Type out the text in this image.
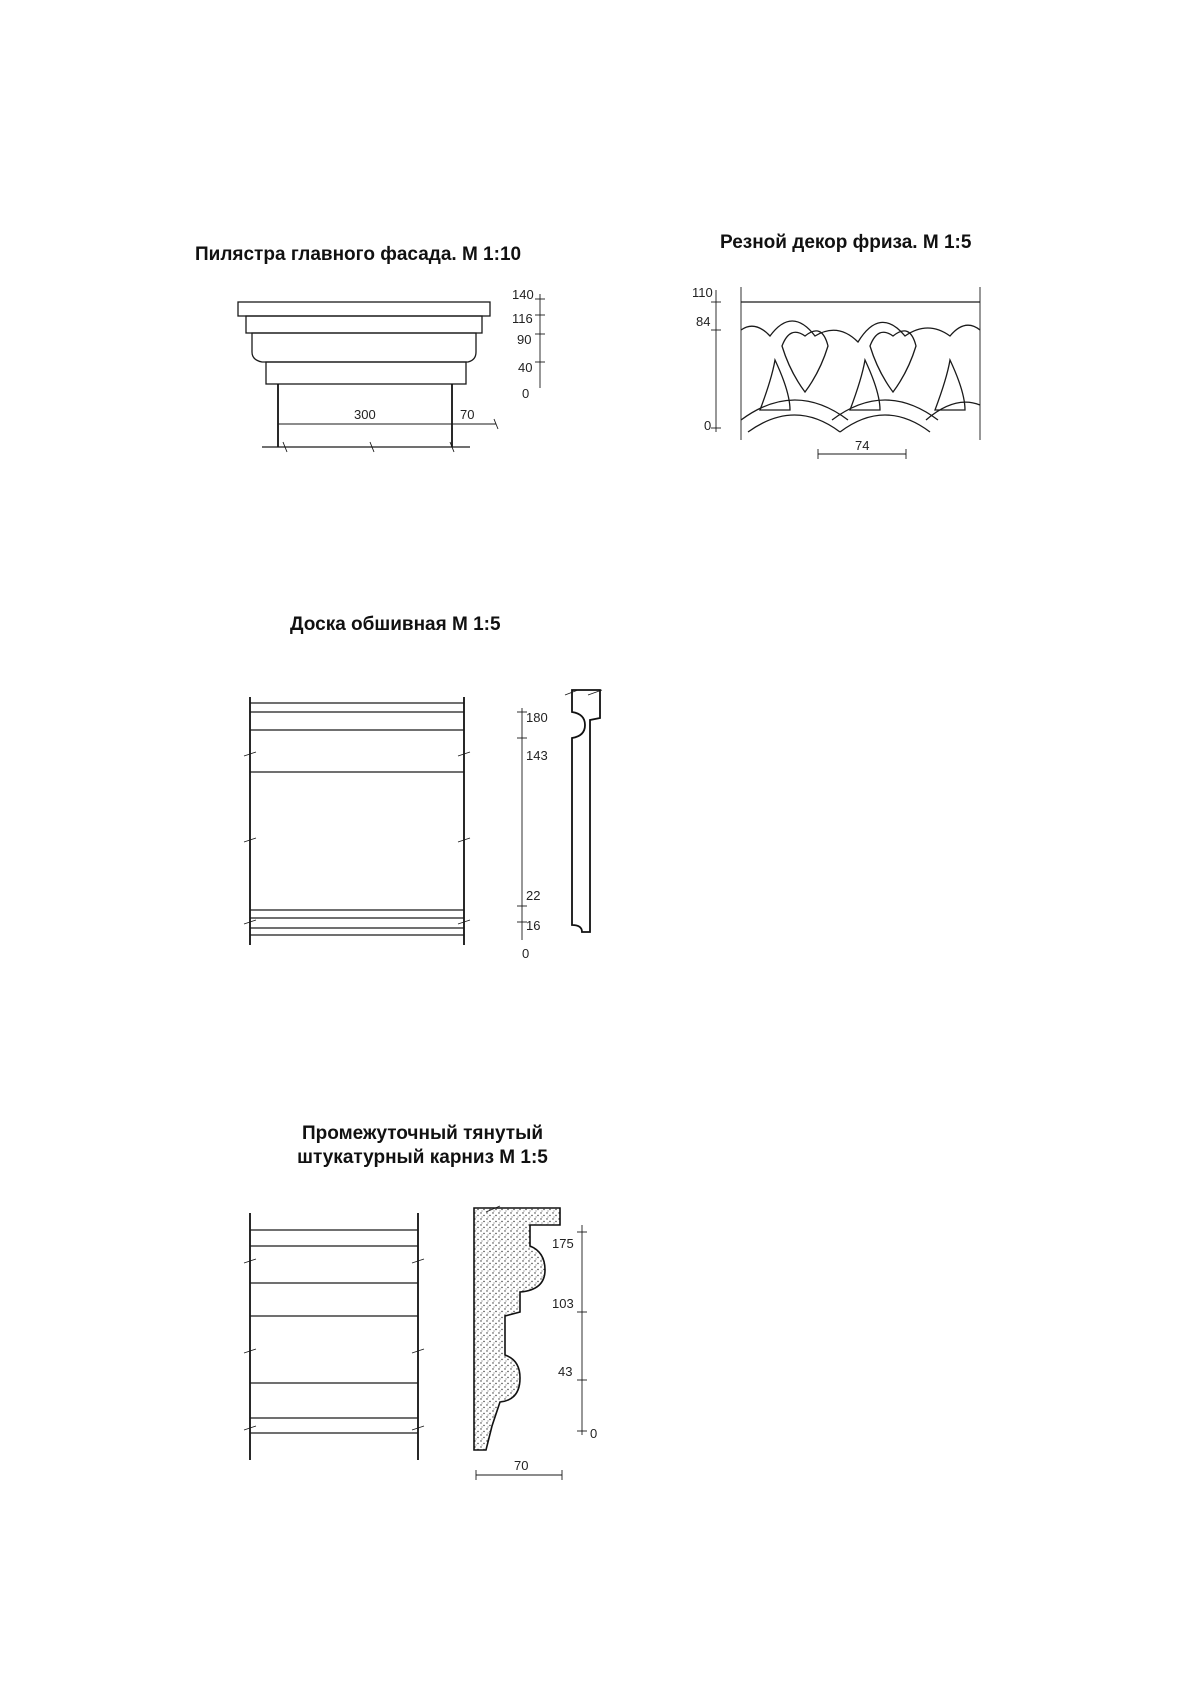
Пилястра главного фасада. М 1:10
Резной декор фриза. М 1:5
Доска обшивная М 1:5
Промежуточный тянутый
штукатурный карниз М 1:5
140
116
90
40
0
300	70
110
84
0
74
180
143
22
16
0
175
103
43
0
70
